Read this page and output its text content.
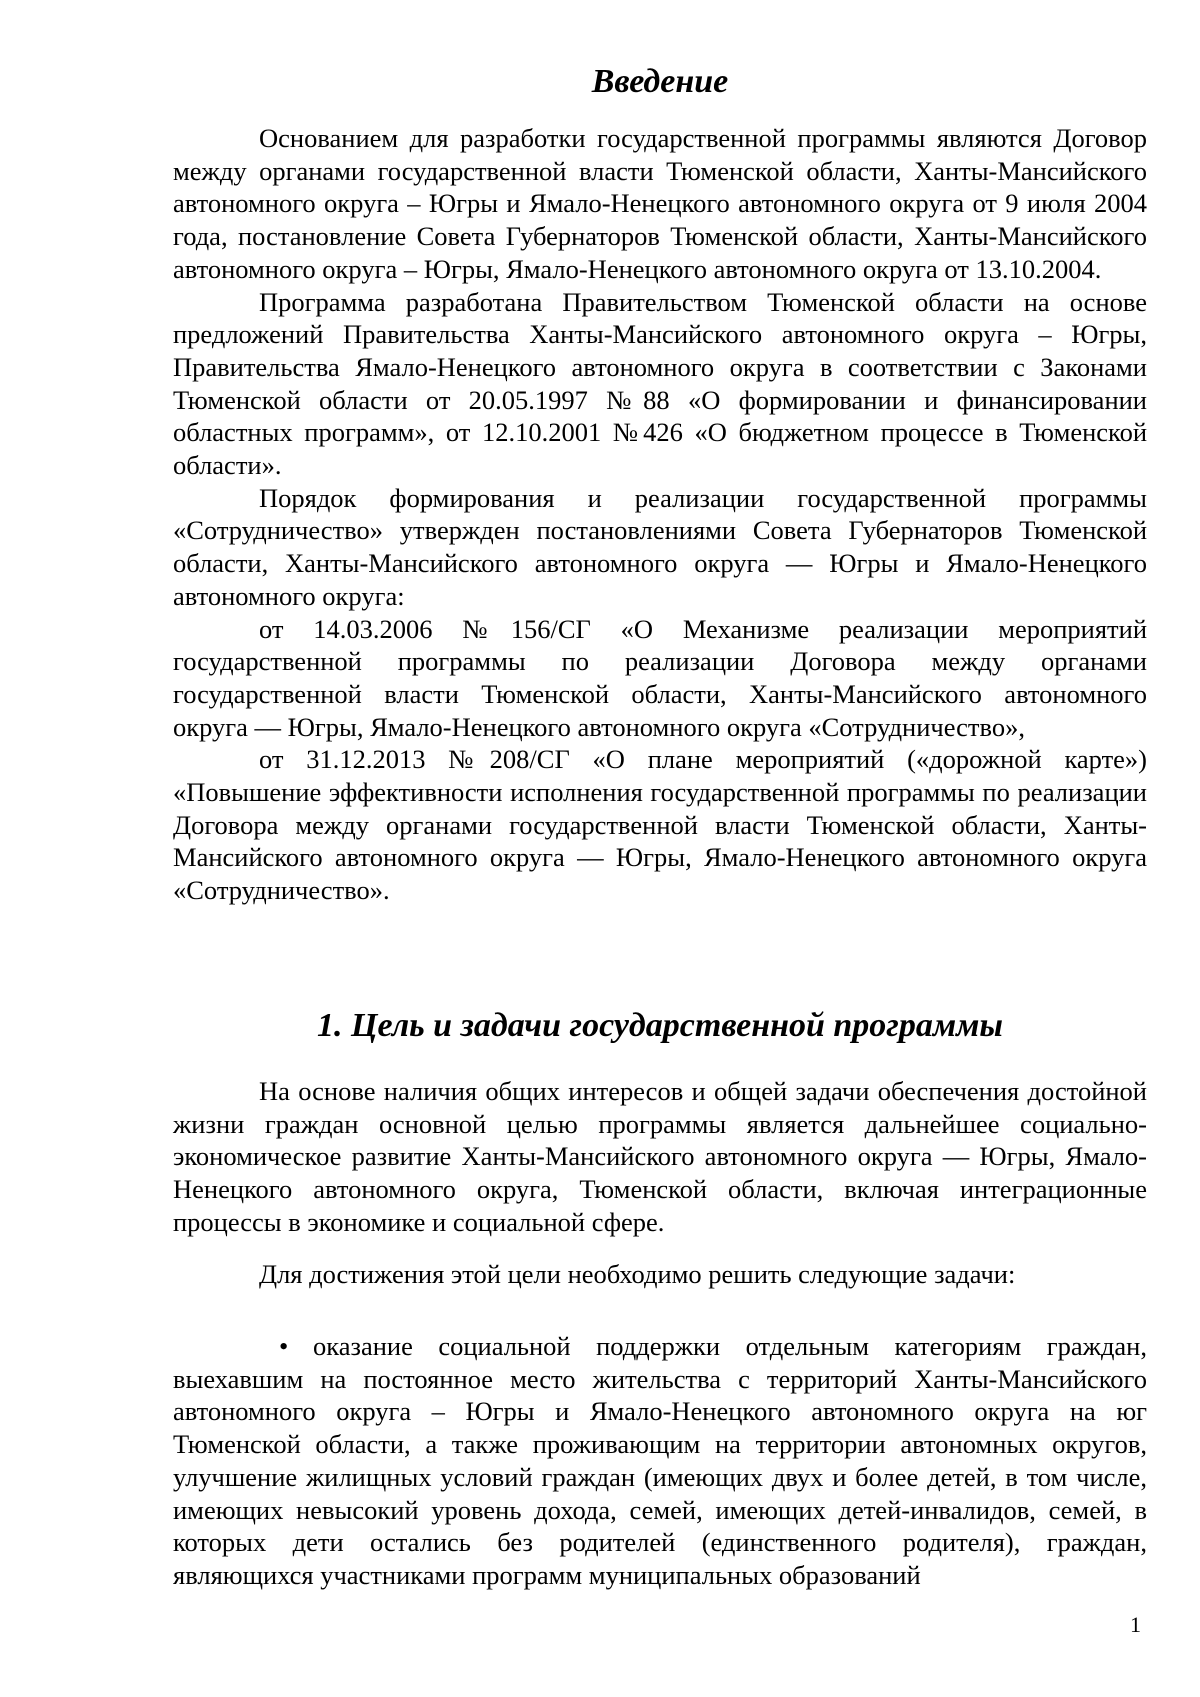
Введение

Основанием для разработки государственной программы являются Договор между органами государственной власти Тюменской области, Ханты-Мансийского автономного округа – Югры и Ямало-Ненецкого автономного округа от 9 июля 2004 года, постановление Совета Губернаторов Тюменской области, Ханты-Мансийского автономного округа – Югры, Ямало-Ненецкого автономного округа от 13.10.2004.

Программа разработана Правительством Тюменской области на основе предложений Правительства Ханты-Мансийского автономного округа – Югры, Правительства Ямало-Ненецкого автономного округа в соответствии с Законами Тюменской области от 20.05.1997 №88 «О формировании и финансировании областных программ», от 12.10.2001 №426 «О бюджетном процессе в Тюменской области».

Порядок формирования и реализации государственной программы «Сотрудничество» утвержден постановлениями Совета Губернаторов Тюменской области, Ханты-Мансийского автономного округа — Югры и Ямало-Ненецкого автономного округа:

от 14.03.2006 №156/СГ «О Механизме реализации мероприятий государственной программы по реализации Договора между органами государственной власти Тюменской области, Ханты-Мансийского автономного округа — Югры, Ямало-Ненецкого автономного округа «Сотрудничество»,

от 31.12.2013 №208/СГ «О плане мероприятий («дорожной карте») «Повышение эффективности исполнения государственной программы по реализации Договора между органами государственной власти Тюменской области, Ханты-Мансийского автономного округа — Югры, Ямало-Ненецкого автономного округа «Сотрудничество».

1. Цель и задачи государственной программы

На основе наличия общих интересов и общей задачи обеспечения достойной жизни граждан основной целью программы является дальнейшее социально-экономическое развитие Ханты-Мансийского автономного округа — Югры, Ямало-Ненецкого автономного округа, Тюменской области, включая интеграционные процессы в экономике и социальной сфере.

Для достижения этой цели необходимо решить следующие задачи:

• оказание социальной поддержки отдельным категориям граждан, выехавшим на постоянное место жительства с территорий Ханты-Мансийского автономного округа – Югры и Ямало-Ненецкого автономного округа на юг Тюменской области, а также проживающим на территории автономных округов, улучшение жилищных условий граждан (имеющих двух и более детей, в том числе, имеющих невысокий уровень дохода, семей, имеющих детей-инвалидов, семей, в которых дети остались без родителей (единственного родителя), граждан, являющихся участниками программ муниципальных образований

1
